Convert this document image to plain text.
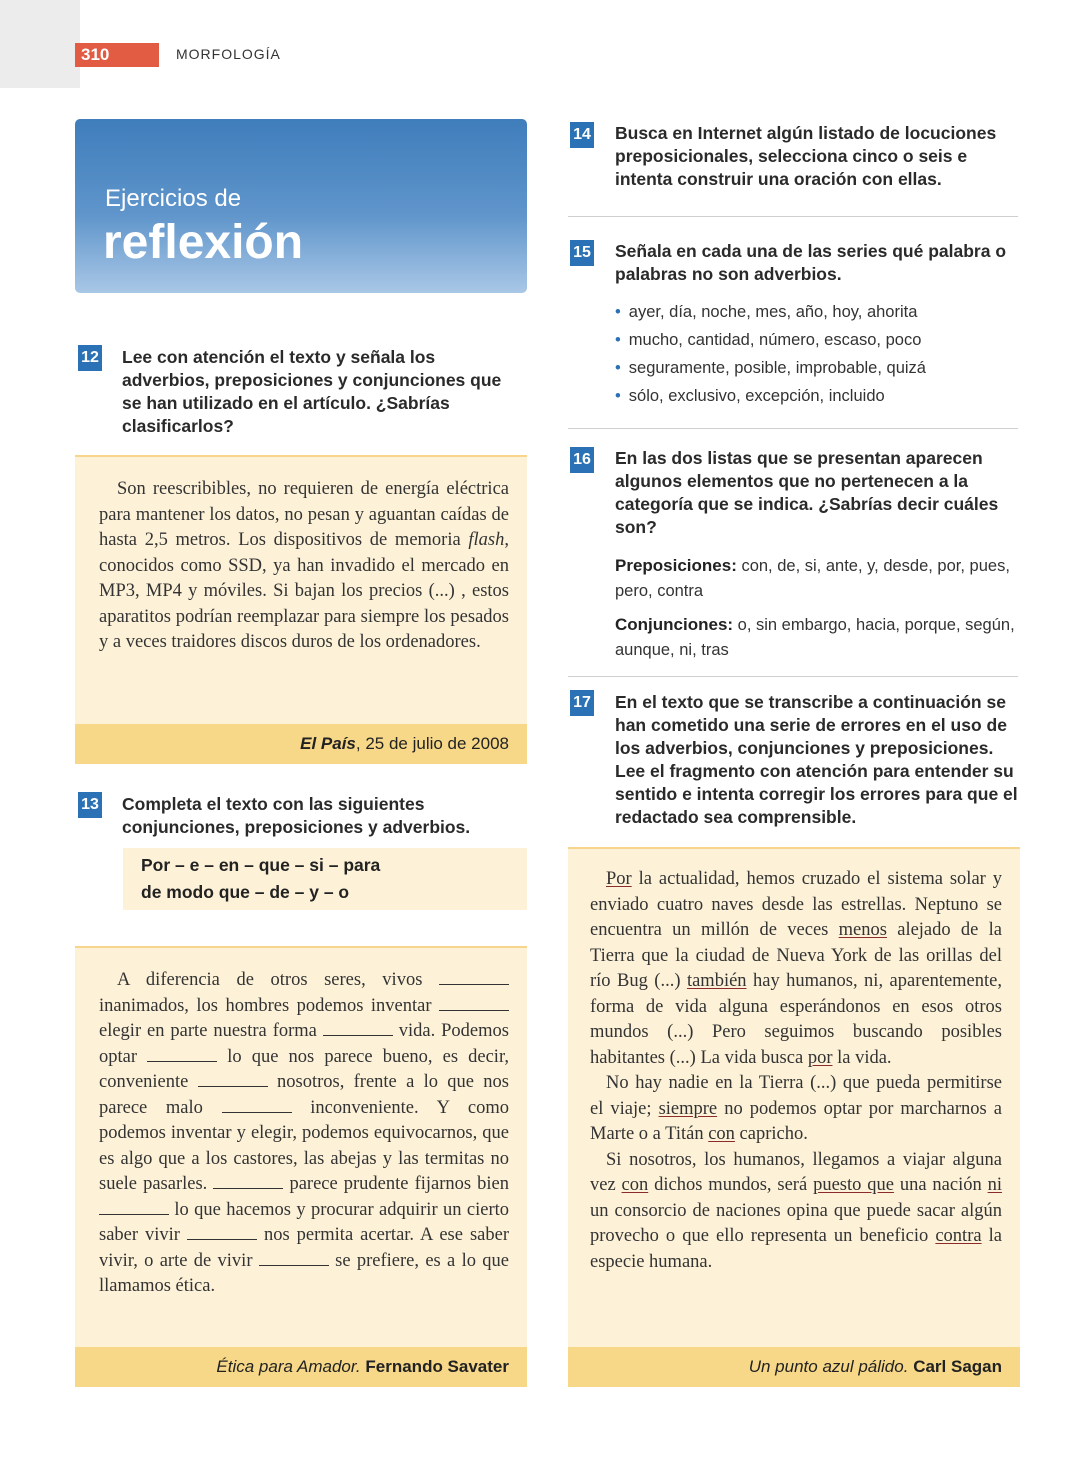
310	MORFOLOGÍA
Ejercicios de
reflexión
12 Lee con atención el texto y señala los adverbios, preposiciones y conjunciones que se han utilizado en el artículo. ¿Sabrías clasificarlos?

Son reescribibles, no requieren de energía eléctrica para mantener los datos, no pesan y aguantan caídas de hasta 2,5 metros. Los dispositivos de memoria flash, conocidos como SSD, ya han invadido el mercado en MP3, MP4 y móviles. Si bajan los precios (...) , estos aparatitos podrían reemplazar para siempre los pesados y a veces traidores discos duros de los ordenadores.

El País, 25 de julio de 2008
13 Completa el texto con las siguientes conjunciones, preposiciones y adverbios.

Por – e – en – que – si – para
de modo que – de – y – o

A diferencia de otros seres, vivos  inanimados, los hombres podemos inventar  elegir en parte nuestra forma	vida. Podemos optar	lo que nos parece bueno, es decir, conveniente	nosotros, frente a lo que nos parece malo	inconveniente. Y como podemos inventar y elegir, podemos equivocarnos, que es algo que a los castores, las abejas y las termitas no suele pasarles.	parece prudente fijarnos bien  lo que hacemos y procurar adquirir un cierto saber vivir	nos permita acertar. A ese saber vivir, o arte de vivir	se prefiere, es a lo que llamamos ética.

Ética para Amador. Fernando Savater
14 Busca en Internet algún listado de locuciones preposicionales, selecciona cinco o seis e intenta construir una oración con ellas.

15 Señala en cada una de las series qué palabra o palabras no son adverbios.

• ayer, día, noche, mes, año, hoy, ahorita
• mucho, cantidad, número, escaso, poco
• seguramente, posible, improbable, quizá
• sólo, exclusivo, excepción, incluido
16 En las dos listas que se presentan aparecen algunos elementos que no pertenecen a la categoría que se indica. ¿Sabrías decir cuáles son?

Preposiciones: con, de, si, ante, y, desde, por, pues, pero, contra

Conjunciones: o, sin embargo, hacia, porque, según, aunque, ni, tras

17 En el texto que se transcribe a continuación se han cometido una serie de errores en el uso de los adverbios, conjunciones y preposiciones. Lee el fragmento con atención para entender su sentido e intenta corregir los errores para que el redactado sea comprensible.

Por la actualidad, hemos cruzado el sistema solar y enviado cuatro naves desde las estrellas. Neptuno se encuentra un millón de veces menos alejado de la Tierra que la ciudad de Nueva York de las orillas del río Bug (...) también hay humanos, ni, aparentemente, forma de vida alguna esperándonos en esos otros mundos (...) Pero seguimos buscando posibles habitantes (...) La vida busca por la vida.

No hay nadie en la Tierra (...) que pueda permitirse el viaje; siempre no podemos optar por marcharnos a Marte o a Titán con capricho.

Si nosotros, los humanos, llegamos a viajar alguna vez con dichos mundos, será puesto que una nación ni un consorcio de naciones opina que puede sacar algún provecho o que ello representa un beneficio contra la especie humana.

Un punto azul pálido. Carl Sagan
